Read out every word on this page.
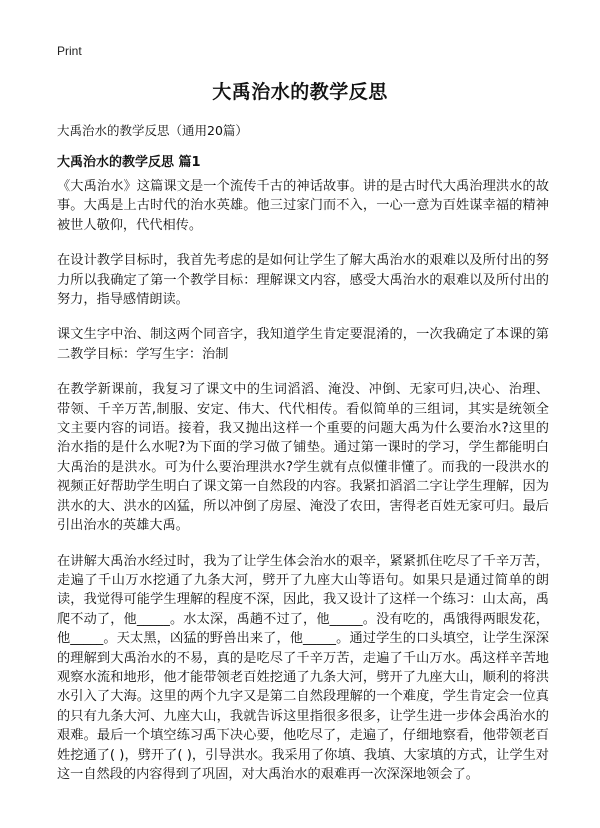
Print
大禹治水的教学反思

大禹治水的教学反思（通用20篇）

大禹治水的教学反思 篇1

《大禹治水》这篇课文是一个流传千古的神话故事。讲的是古时代大禹治理洪水的故事。大禹是上古时代的治水英雄。他三过家门而不入，一心一意为百姓谋幸福的精神被世人敬仰，代代相传。

在设计教学目标时，我首先考虑的是如何让学生了解大禹治水的艰难以及所付出的努力所以我确定了第一个教学目标：理解课文内容，感受大禹治水的艰难以及所付出的努力，指导感情朗读。

课文生字中治、制这两个同音字，我知道学生肯定要混淆的，一次我确定了本课的第二教学目标：学写生字：治制

在教学新课前，我复习了课文中的生词滔滔、淹没、冲倒、无家可归,决心、治理、带领、千辛万苦,制服、安定、伟大、代代相传。看似简单的三组词，其实是统领全文主要内容的词语。接着，我又抛出这样一个重要的问题大禹为什么要治水?这里的治水指的是什么水呢?为下面的学习做了铺垫。通过第一课时的学习，学生都能明白大禹治的是洪水。可为什么要治理洪水?学生就有点似懂非懂了。而我的一段洪水的视频正好帮助学生明白了课文第一自然段的内容。我紧扣滔滔二字让学生理解，因为洪水的大、洪水的凶猛，所以冲倒了房屋、淹没了农田，害得老百姓无家可归。最后引出治水的英雄大禹。

在讲解大禹治水经过时，我为了让学生体会治水的艰辛，紧紧抓住吃尽了千辛万苦，走遍了千山万水挖通了九条大河，劈开了九座大山等语句。如果只是通过简单的朗读，我觉得可能学生理解的程度不深，因此，我又设计了这样一个练习：山太高，禹爬不动了，他_____。水太深，禹趟不过了，他_____。没有吃的，禹饿得两眼发花，他_____。天太黑，凶猛的野兽出来了，他_____。通过学生的口头填空，让学生深深的理解到大禹治水的不易，真的是吃尽了千辛万苦，走遍了千山万水。禹这样辛苦地观察水流和地形，他才能带领老百姓挖通了九条大河，劈开了九座大山，顺利的将洪水引入了大海。这里的两个九字又是第二自然段理解的一个难度，学生肯定会一位真的只有九条大河、九座大山，我就告诉这里指很多很多，让学生进一步体会禹治水的艰难。最后一个填空练习禹下决心要，他吃尽了，走遍了，仔细地察看，他带领老百姓挖通了( )，劈开了( )，引导洪水。我采用了你填、我填、大家填的方式，让学生对这一自然段的内容得到了巩固，对大禹治水的艰难再一次深深地领会了。
